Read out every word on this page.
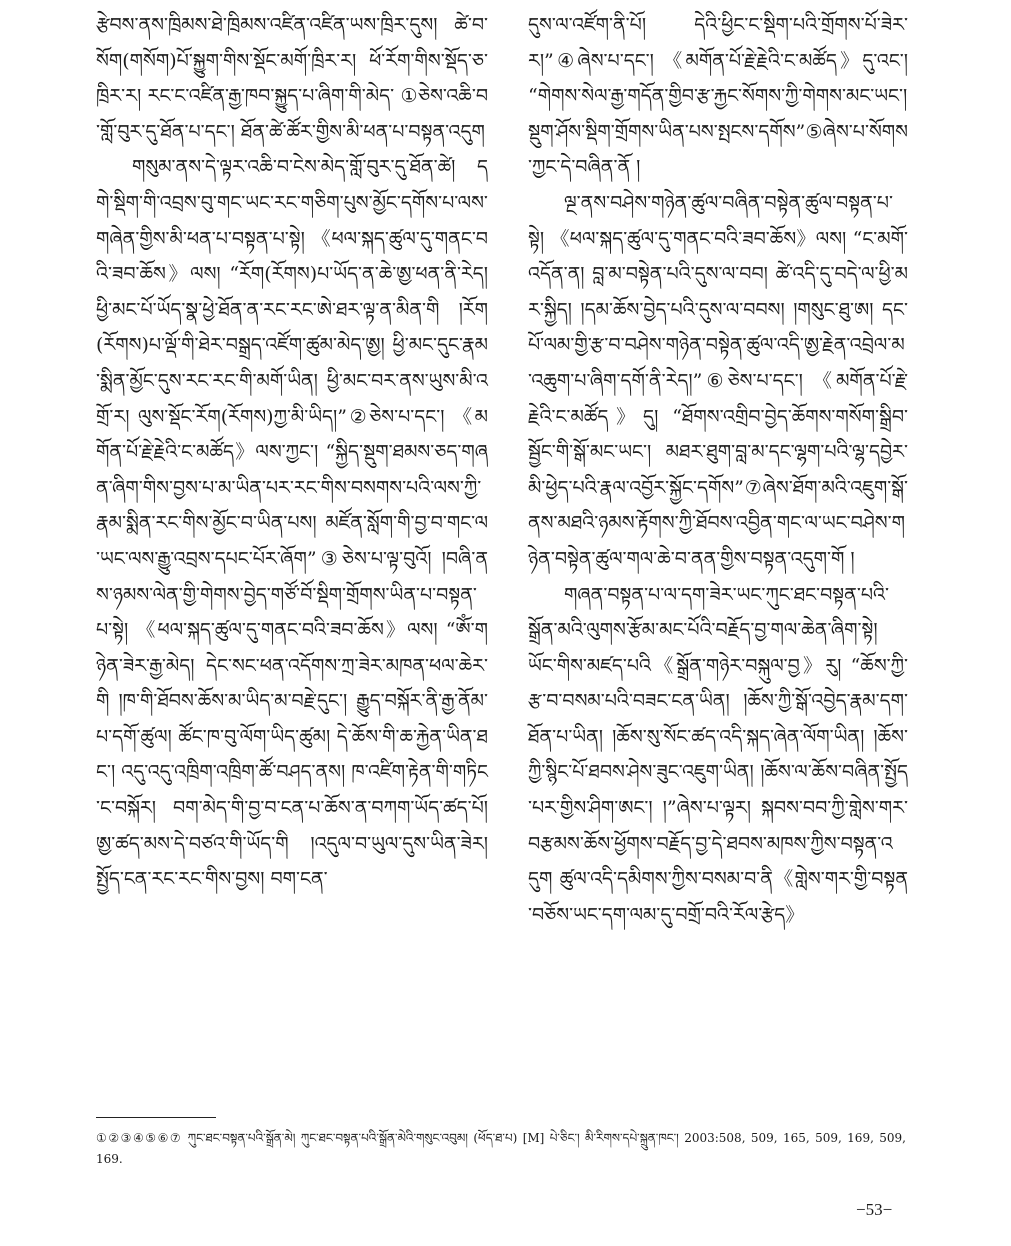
རྩེབས་ནས་ཁྲིམས་ཐེ་ཁྲིམས་འཛིན་འཛིན་ཡས་ཁྲིར་དུས། ཚེ་བ་སོག(གསོག)པོ་སྐྱུག་གིས་སྡོང་མགོ་ཁྲིར་ར། ཕོ་རོག་གིས་སྡོད་ཅ་ཁྲིར་ར། རང་ང་འཛིན་རྒྱ་ཁབ་སྐྱུད་པ་ཞིག་གི་མེད་ ①ཅེས་འཆི་བ་གློ་བུར་དུ་ཐོན་པ་དང་། ཐོན་ཚེ་ཚོར་གྱིས་མི་ཕན་པ་བསྟན་འདུག

གསུམ་ནས་དེ་ལྟར་འཆི་བ་ངེས་མེད་གློ་བུར་དུ་ཐོན་ཚེ། དགེ་སྡིག་གི་འབྲས་བུ་གང་ཡང་རང་གཅིག་པུས་མྱོང་དགོས་པ་ལས་གཞེན་གྱིས་མི་ཕན་པ་བསྟན་པ་སྟེ། 《ཕལ་སྐད་ཚུལ་དུ་གནང་བའི་ཟབ་ཆོས》ལས། “རོག(རོགས)པ་ཡོད་ན་ཆེ་ཨྱ་ཕན་ནི་རེད། ཕྱི་མང་པོ་ཡོད་སྣ་ཕྱེ་ཐོན་ན་རང་རང་ཨེ་ཐར་ལྟ་ན་མིན་གི །རོག(རོགས)པ་ལྡོ་གི་ཐེར་བསྒྲད་འཛོག་ཚུམ་མེད་ཨྱ། ཕྱི་མང་དུང་རྣམ་སྨིན་མྱོང་དུས་རང་རང་གི་མགོ་ཡིན། ཕྱི་མང་བར་ནས་ཡུས་མི་འགྲོ་ར། ལུས་སྡོང་རོག(རོགས)ཀྱ་མི་ཡིད།”②ཅེས་པ་དང་། 《མགོན་པོ་རྗེ་རྗེའི་ང་མཚོད》ལས་ཀྱང་། “སྐྱིད་སྡུག་ཐམས་ཅད་གཞན་ཞིག་གིས་བྱས་པ་མ་ཡིན་པར་རང་གིས་བསགས་པའི་ལས་ཀྱི་རྣམ་སྨིན་རང་གིས་མྱོང་བ་ཡིན་པས། མཛོན་སློག་གི་བྱ་བ་གང་ལ་ཡང་ལས་རྒྱུ་འབྲས་དཔང་པོར་ཞོག”③ཅེས་པ་ལྟ་བུའོ། །བཞི་ནས་ཉམས་ལེན་གྱི་གེགས་བྱེད་གཙོ་བོ་སྡིག་གྲོགས་ཡིན་པ་བསྟན་པ་སྟེ། 《ཕལ་སྐད་ཚུལ་དུ་གནང་བའི་ཟབ་ཆོས》ལས། “ཨོཾ་གཉེན་ཟེར་རྒྱ་མེད། དེང་སང་ཕན་འདོགས་ཀྲ་ཟེར་མཁན་ཕལ་ཆེར་གི །ཁ་གི་ཐོབས་ཆོས་མ་ཡིད་མ་བརྗེ་དུང་། རྒྱུད་བསྐོར་ནི་རྒྱ་ནོམ་པ་དགོ་ཚུལ། ཚོང་ཁ་བུ་ལོག་ཡིད་ཚུམ། དེ་ཆོས་གི་ཆ་རྐྱེན་ཡིན་ཐང་། འདུ་འདུ་འཁྲིག་འཁྲིག་ཚོ་བཤད་ནས། ཁ་འཛིག་རྟེན་གི་གཏིང་ང་བསྐོར། བག་མེད་གི་བྱ་བ་ངན་པ་ཆོས་ན་བཀག་ཡོད་ཚད་པོ། ཨྱ་ཚད་མས་དེ་བཙའ་གི་ཡོད་གི །འདུལ་བ་ཡུལ་དུས་ཡིན་ཟེར། སྤྱོད་ངན་རང་རང་གིས་བྱས། བག་ངན་

དུས་ལ་འཛོག་ནི་པོ། དེའི་ཕྱིང་ང་སྡིག་པའི་གྲོགས་པོ་ཟེར་ར།”④ཞེས་པ་དང་། 《མགོན་པོ་རྗེ་རྗེའི་ང་མཚོད》དུ་འང་། “གེགས་སེལ་རྒྱ་གདོན་གྱིབ་རྩ་རྐྱང་སོགས་ཀྱི་གེགས་མང་ཡང་། སྡུག་ཤོས་སྡིག་གྲོགས་ཡིན་པས་སྤངས་དགོས”⑤ཞེས་པ་སོགས་ཀྱང་དེ་བཞིན་ནོ །

ལྔ་ནས་བཤེས་གཉེན་ཚུལ་བཞིན་བསྟེན་ཚུལ་བསྟན་པ་སྟེ། 《ཕལ་སྐད་ཚུལ་དུ་གནང་བའི་ཟབ་ཆོས》ལས། “ང་མགོ་འདོན་ན། བླ་མ་བསྟེན་པའི་དུས་ལ་བབ། ཚེ་འདི་དུ་བདེ་ལ་ཕྱི་མར་སྐྱིད། །དམ་ཆོས་བྱེད་པའི་དུས་ལ་བབས། །གསུང་ཐུ་ཨ། དང་པོ་ལམ་གྱི་རྩ་བ་བཤེས་གཉེན་བསྟེན་ཚུལ་འདི་ཨྱ་རྗེན་འབྲེལ་མ་འཆུག་པ་ཞིག་དགོ་ནི་རེད།”⑥ཅེས་པ་དང་། 《མགོན་པོ་རྗེ་རྗེའི་ང་མཚོད》དུ། “ཐོགས་འགྲིབ་བྱེད་ཆོགས་གསོག་སྒྲིབ་སྦྱོང་གི་སྒོ་མང་ཡང་། མཐར་ཐུག་བླ་མ་དང་ལྷག་པའི་ལྷ་དབྱེར་མི་ཕྱེད་པའི་རྣལ་འབྱོར་སྐྱོང་དགོས”⑦ཞེས་ཐོག་མའི་འཇུག་སྒོ་ནས་མཐའི་ཉམས་རྟོགས་ཀྱི་ཐོབས་འབྱིན་གང་ལ་ཡང་བཤེས་གཉེན་བསྟེན་ཚུལ་གལ་ཆེ་བ་ནན་གྱིས་བསྟན་འདུག་གོ །

གཞན་བསྟན་པ་ལ་དག་ཟེར་ཡང་ཀུང་ཐང་བསྟན་པའི་སྒྲོན་མའི་ལུགས་རྩོམ་མང་པོའི་བརྗོད་བྱ་གལ་ཆེན་ཞིག་སྟེ། ཡོང་གིས་མཛད་པའི《སྒྲོན་གཉེར་བསྐུལ་བྱ》རུ། “ཆོས་ཀྱི་རྩ་བ་བསམ་པའི་བཟང་ངན་ཡིན། །ཆོས་ཀྱི་སྒོ་འབྱེད་རྣམ་དག་ཐོན་པ་ཡིན། །ཆོས་སུ་སོང་ཚད་འདི་སྐད་ཞེན་ལོག་ཡིན། །ཆོས་ཀྱི་སྙིང་པོ་ཐབས་ཤེས་ཟུང་འཇུག་ཡིན། །ཆོས་ལ་ཆོས་བཞིན་སྤྱོད་པར་གྱིས་ཤིག་ཨང་། །”ཞེས་པ་ལྟར། སྐབས་བབ་ཀྱི་གླེས་གར་བརྩམས་ཆོས་ཕྱོགས་བརྗོད་བྱ་དེ་ཐབས་མཁས་ཀྱིས་བསྟན་འདུག ཚུལ་འདི་དམིགས་ཀྱིས་བསམ་བ་ནི《གླེས་གར་གྱི་བསྟན་བཅོས་ཡང་དག་ལམ་དུ་བགྲོ་བའི་རོལ་རྩེད》

①②③④⑤⑥⑦ ཀུང་ཐང་བསྟན་པའི་སྒྲོན་མེ། ཀུང་ཐང་བསྟན་པའི་སྒྲོན་མེའི་གསུང་འབུམ། (ཕོད་ཐ་པ) [M] པེ་ཅིང་། མི་རིགས་དཔེ་སྐྲུན་ཁང་། 2003:508, 509, 165, 509, 169, 509, 169.
−53−
